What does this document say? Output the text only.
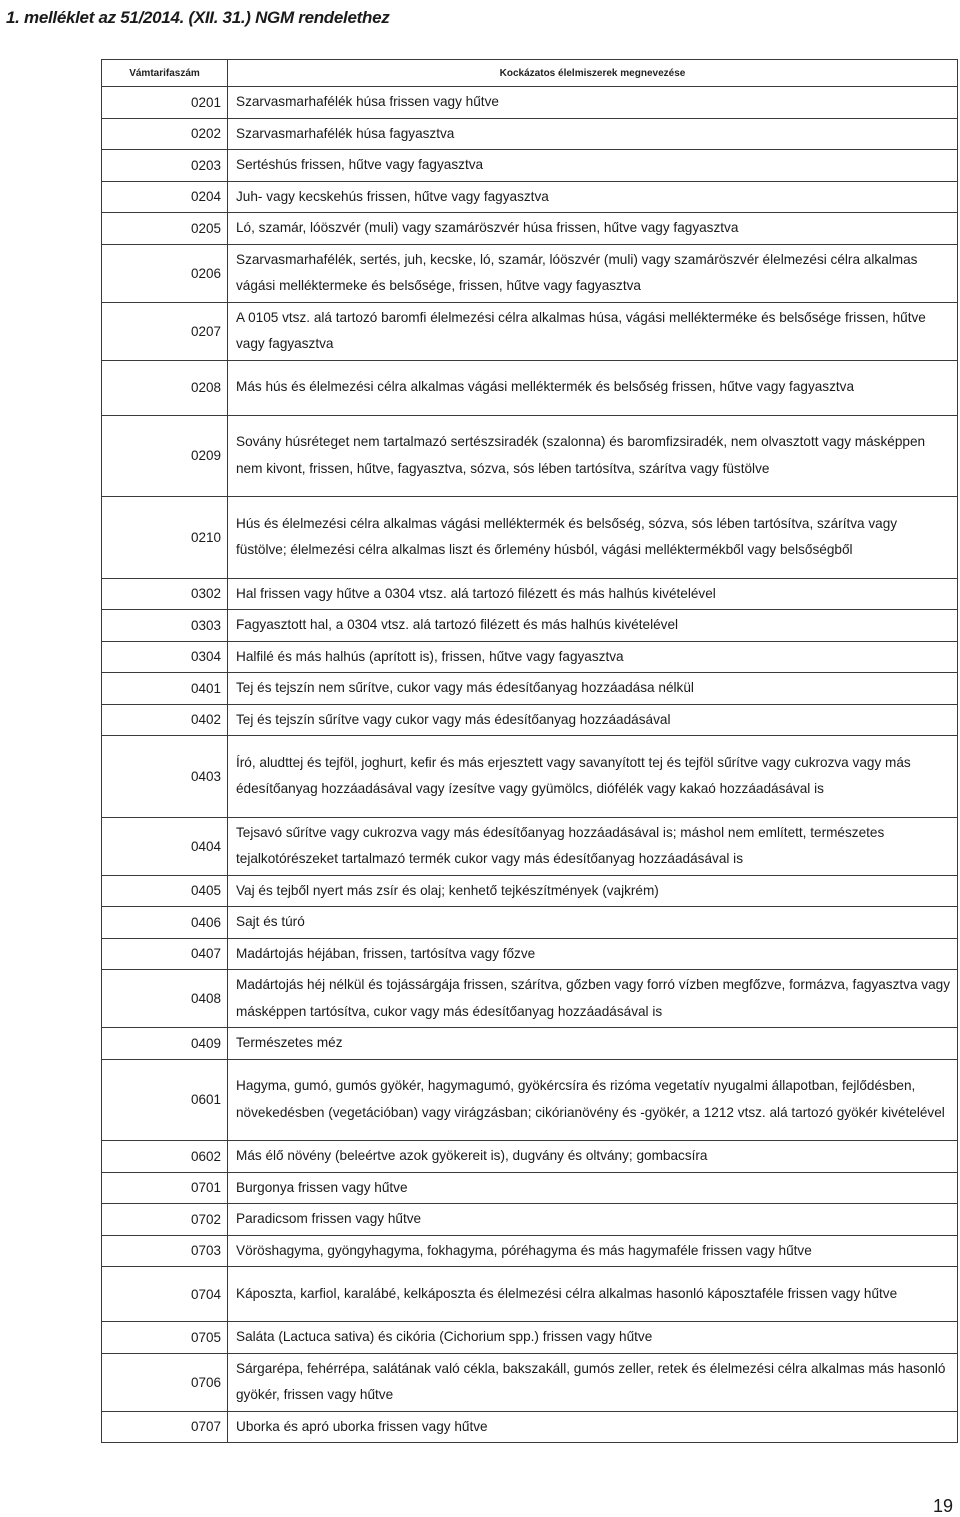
1. melléklet az 51/2014. (XII. 31.) NGM rendelethez
Vámtarifaszám	Kockázatos élelmiszerek megnevezése
0201	Szarvasmarhafélék húsa frissen vagy hűtve
0202	Szarvasmarhafélék húsa fagyasztva
0203	Sertéshús frissen, hűtve vagy fagyasztva
0204	Juh- vagy kecskehús frissen, hűtve vagy fagyasztva
0205	Ló, szamár, lóöszvér (muli) vagy szamáröszvér húsa frissen, hűtve vagy fagyasztva
0206	Szarvasmarhafélék, sertés, juh, kecske, ló, szamár, lóöszvér (muli) vagy szamáröszvér élelmezési célra alkalmas vágási melléktermeke és belsősége, frissen, hűtve vagy fagyasztva
0207	A 0105 vtsz. alá tartozó baromfi élelmezési célra alkalmas húsa, vágási mellékterméke és belsősége frissen, hűtve vagy fagyasztva
0208	Más hús és élelmezési célra alkalmas vágási melléktermék és belsőség frissen, hűtve vagy fagyasztva
0209	Sovány húsréteget nem tartalmazó sertészsiradék (szalonna) és baromfizsiradék, nem olvasztott vagy másképpen nem kivont, frissen, hűtve, fagyasztva, sózva, sós lében tartósítva, szárítva vagy füstölve
0210	Hús és élelmezési célra alkalmas vágási melléktermék és belsőség, sózva, sós lében tartósítva, szárítva vagy füstölve; élelmezési célra alkalmas liszt és őrlemény húsból, vágási melléktermékből vagy belsőségből
0302	Hal frissen vagy hűtve a 0304 vtsz. alá tartozó filézett és más halhús kivételével
0303	Fagyasztott hal, a 0304 vtsz. alá tartozó filézett és más halhús kivételével
0304	Halfilé és más halhús (aprított is), frissen, hűtve vagy fagyasztva
0401	Tej és tejszín nem sűrítve, cukor vagy más édesítőanyag hozzáadása nélkül
0402	Tej és tejszín sűrítve vagy cukor vagy más édesítőanyag hozzáadásával
0403	Író, aludttej és tejföl, joghurt, kefir és más erjesztett vagy savanyított tej és tejföl sűrítve vagy cukrozva vagy más édesítőanyag hozzáadásával vagy ízesítve vagy gyümölcs, diófélék vagy kakaó hozzáadásával is
0404	Tejsavó sűrítve vagy cukrozva vagy más édesítőanyag hozzáadásával is; máshol nem említett, természetes tejalkotórészeket tartalmazó termék cukor vagy más édesítőanyag hozzáadásával is
0405	Vaj és tejből nyert más zsír és olaj; kenhető tejkészítmények (vajkrém)
0406	Sajt és túró
0407	Madártojás héjában, frissen, tartósítva vagy főzve
0408	Madártojás héj nélkül és tojássárgája frissen, szárítva, gőzben vagy forró vízben megfőzve, formázva, fagyasztva vagy másképpen tartósítva, cukor vagy más édesítőanyag hozzáadásával is
0409	Természetes méz
0601	Hagyma, gumó, gumós gyökér, hagymagumó, gyökércsíra és rizóma vegetatív nyugalmi állapotban, fejlődésben, növekedésben (vegetációban) vagy virágzásban; cikórianövény és -gyökér, a 1212 vtsz. alá tartozó gyökér kivételével
0602	Más élő növény (beleértve azok gyökereit is), dugvány és oltvány; gombacsíra
0701	Burgonya frissen vagy hűtve
0702	Paradicsom frissen vagy hűtve
0703	Vöröshagyma, gyöngyhagyma, fokhagyma, póréhagyma és más hagymaféle frissen vagy hűtve
0704	Káposzta, karfiol, karalábé, kelkáposzta és élelmezési célra alkalmas hasonló káposztaféle frissen vagy hűtve
0705	Saláta (Lactuca sativa) és cikória (Cichorium spp.) frissen vagy hűtve
0706	Sárgarépa, fehérrépa, salátának való cékla, bakszakáll, gumós zeller, retek és élelmezési célra alkalmas más hasonló gyökér, frissen vagy hűtve
0707	Uborka és apró uborka frissen vagy hűtve
19
